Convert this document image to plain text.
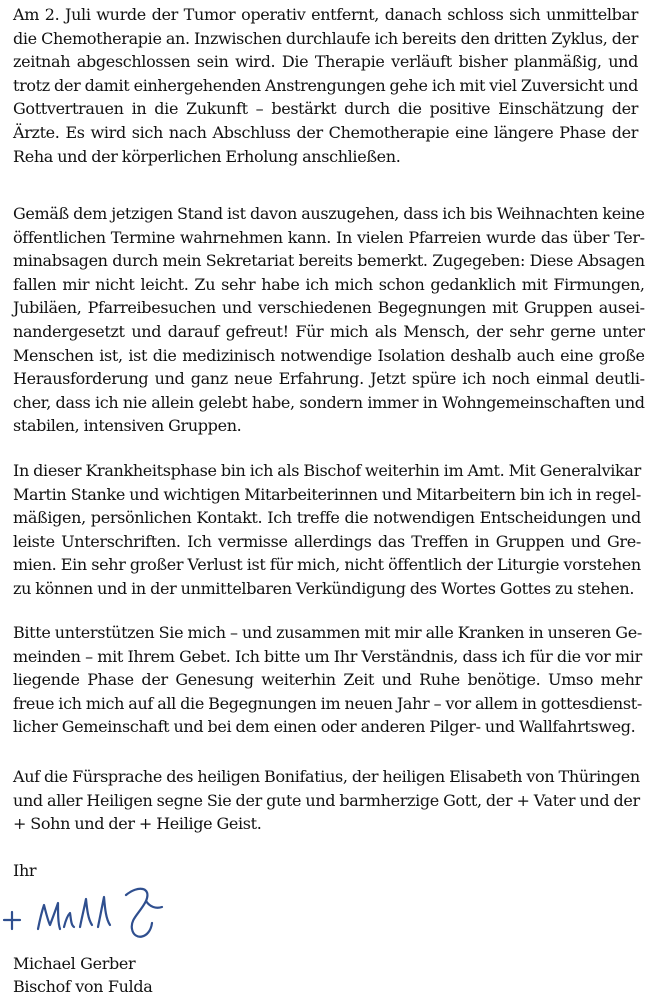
Am 2. Juli wurde der Tumor operativ entfernt, danach schloss sich unmittelbar
die Chemotherapie an. Inzwischen durchlaufe ich bereits den dritten Zyklus, der
zeitnah abgeschlossen sein wird. Die Therapie verläuft bisher planmäßig, und
trotz der damit einhergehenden Anstrengungen gehe ich mit viel Zuversicht und
Gottvertrauen in die Zukunft – bestärkt durch die positive Einschätzung der
Ärzte. Es wird sich nach Abschluss der Chemotherapie eine längere Phase der
Reha und der körperlichen Erholung anschließen.

Gemäß dem jetzigen Stand ist davon auszugehen, dass ich bis Weihnachten keine
öffentlichen Termine wahrnehmen kann. In vielen Pfarreien wurde das über Ter-
minabsagen durch mein Sekretariat bereits bemerkt. Zugegeben: Diese Absagen
fallen mir nicht leicht. Zu sehr habe ich mich schon gedanklich mit Firmungen,
Jubiläen, Pfarreibesuchen und verschiedenen Begegnungen mit Gruppen ausei-
nandergesetzt und darauf gefreut! Für mich als Mensch, der sehr gerne unter
Menschen ist, ist die medizinisch notwendige Isolation deshalb auch eine große
Herausforderung und ganz neue Erfahrung. Jetzt spüre ich noch einmal deutli-
cher, dass ich nie allein gelebt habe, sondern immer in Wohngemeinschaften und
stabilen, intensiven Gruppen.

In dieser Krankheitsphase bin ich als Bischof weiterhin im Amt. Mit Generalvikar
Martin Stanke und wichtigen Mitarbeiterinnen und Mitarbeitern bin ich in regel-
mäßigen, persönlichen Kontakt. Ich treffe die notwendigen Entscheidungen und
leiste Unterschriften. Ich vermisse allerdings das Treffen in Gruppen und Gre-
mien. Ein sehr großer Verlust ist für mich, nicht öffentlich der Liturgie vorstehen
zu können und in der unmittelbaren Verkündigung des Wortes Gottes zu stehen.

Bitte unterstützen Sie mich – und zusammen mit mir alle Kranken in unseren Ge-
meinden – mit Ihrem Gebet. Ich bitte um Ihr Verständnis, dass ich für die vor mir
liegende Phase der Genesung weiterhin Zeit und Ruhe benötige. Umso mehr
freue ich mich auf all die Begegnungen im neuen Jahr – vor allem in gottesdienst-
licher Gemeinschaft und bei dem einen oder anderen Pilger- und Wallfahrtsweg.

Auf die Fürsprache des heiligen Bonifatius, der heiligen Elisabeth von Thüringen
und aller Heiligen segne Sie der gute und barmherzige Gott, der + Vater und der
+ Sohn und der + Heilige Geist.

Ihr
Michael Gerber
Bischof von Fulda
